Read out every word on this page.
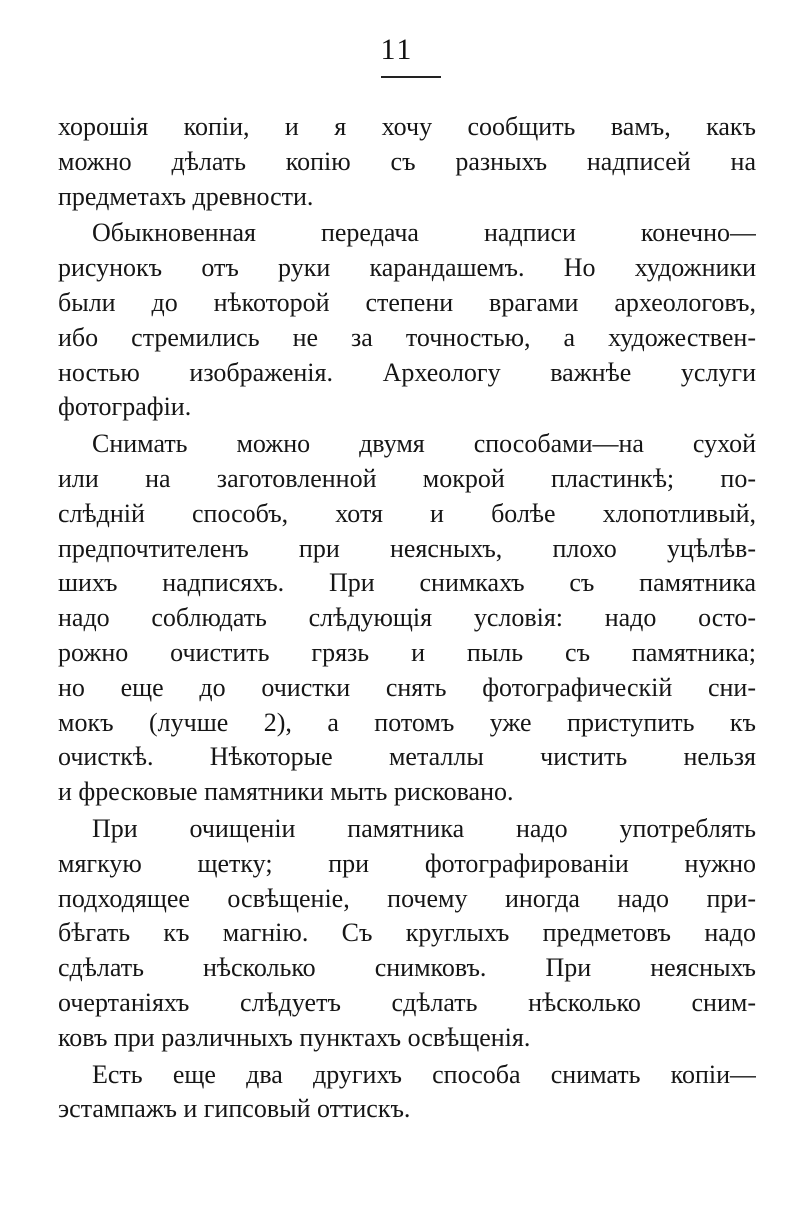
11

хорошія копіи, и я хочу сообщить вамъ, какъ
можно дѣлать копію съ разныхъ надписей на
предметахъ древности.

Обыкновенная передача надписи конечно—
рисунокъ отъ руки карандашемъ. Но художники
были до нѣкоторой степени врагами археологовъ,
ибо стремились не за точностью, а художествен-
ностью изображенія. Археологу важнѣе услуги
фотографіи.

Снимать можно двумя способами—на сухой
или на заготовленной мокрой пластинкѣ; по-
слѣдній способъ, хотя и болѣе хлопотливый,
предпочтителенъ при неясныхъ, плохо уцѣлѣв-
шихъ надписяхъ. При снимкахъ съ памятника
надо соблюдать слѣдующія условія: надо осто-
рожно очистить грязь и пыль съ памятника;
но еще до очистки снять фотографическій сни-
мокъ (лучше 2), а потомъ уже приступить къ
очисткѣ. Нѣкоторые металлы чистить нельзя
и фресковые памятники мыть рисковано.

При очищеніи памятника надо употреблять
мягкую щетку; при фотографированіи нужно
подходящее освѣщеніе, почему иногда надо при-
бѣгать къ магнію. Съ круглыхъ предметовъ надо
сдѣлать нѣсколько снимковъ. При неясныхъ
очертаніяхъ слѣдуетъ сдѣлать нѣсколько сним-
ковъ при различныхъ пунктахъ освѣщенія.

Есть еще два другихъ способа снимать копіи—
эстампажъ и гипсовый оттискъ.
